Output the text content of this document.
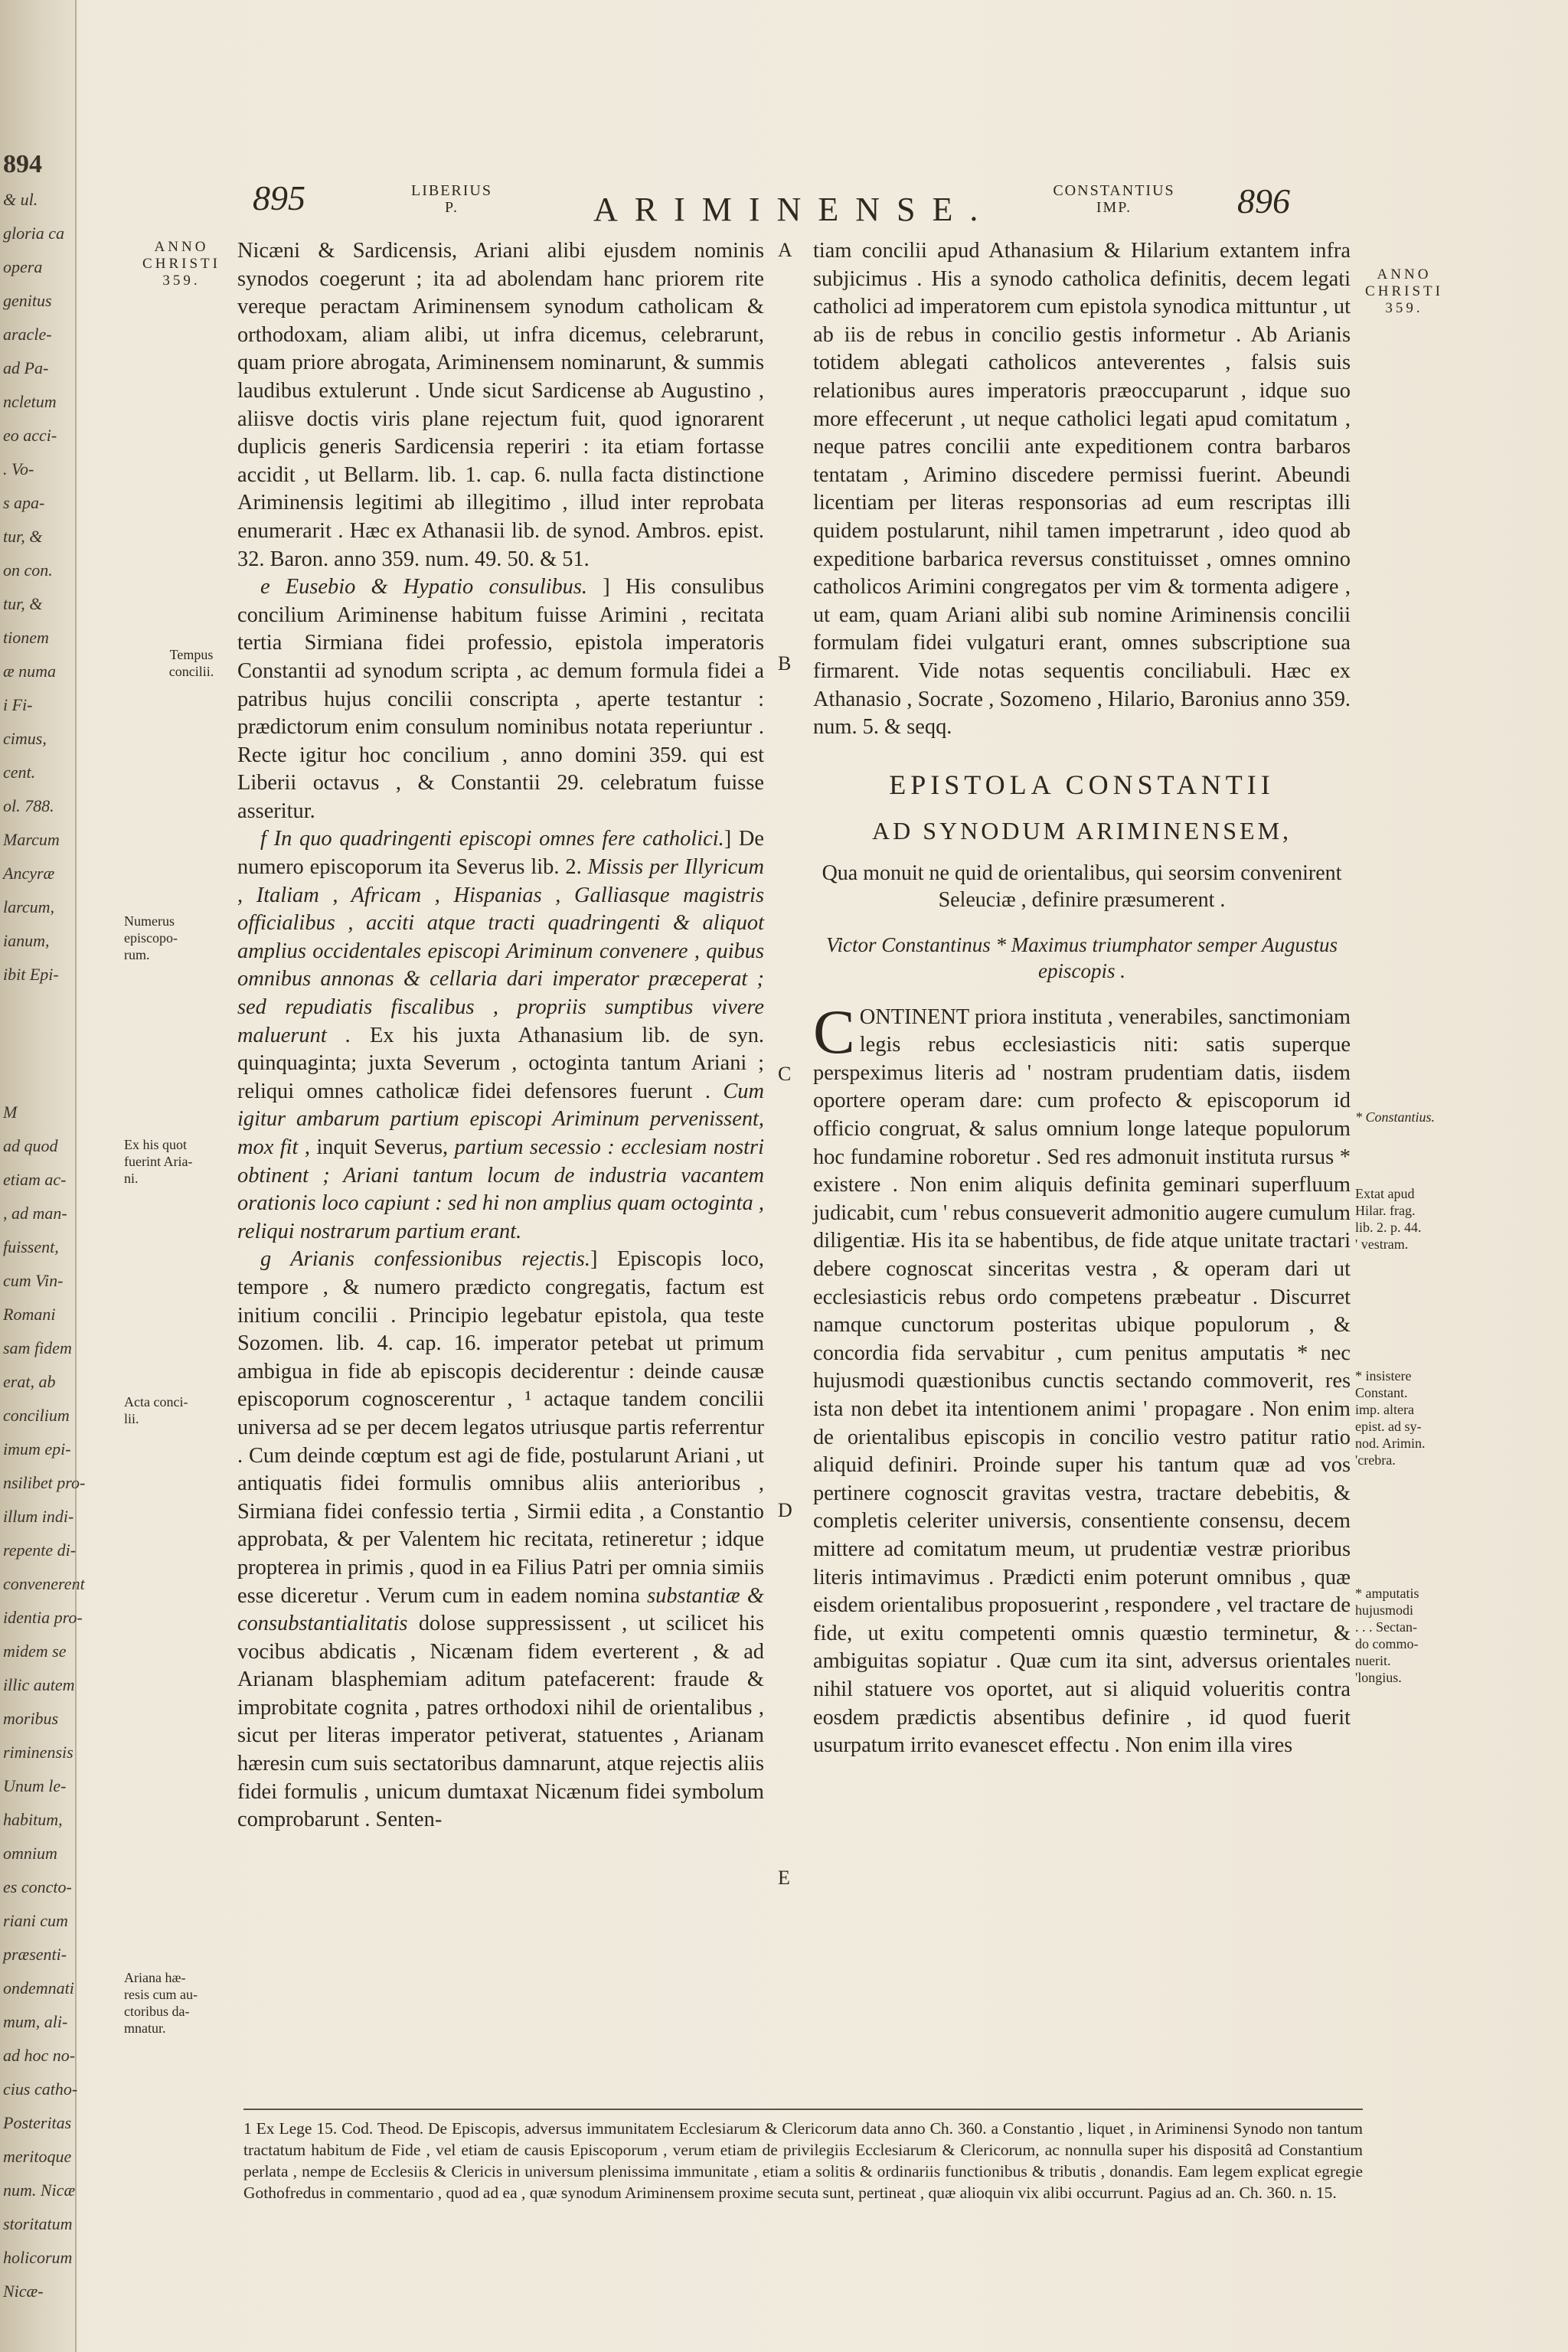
894
& ul.
gloria ca
opera
genitus
aracle-
ad Pa-
ncletum
eo acci-
. Vo-
s apa-
tur, &
on con.
tur, &
tionem
æ numa
i Fi-
cimus,
cent.
ol. 788.
Marcum
Ancyræ
larcum,
ianum,
ibit Epi-
M
ad quod
etiam ac-
, ad man-
fuissent,
cum Vin-
Romani
sam fidem
erat, ab
concilium
imum epi-
nsilibet pro-
illum indi-
repente di-
convenerent
identia pro-
midem se
illic autem
moribus
riminensis
Unum le-
habitum,
omnium
es concto-
riani cum
præsenti-
ondemnati
mum, ali-
ad hoc no-
cius catho-
Posteritas
meritoque
num. Nicæ
storitatum
holicorum
Nicæ-
895	LIBERIUS
P.	ARIMINENSE.	CONSTANTIUS
IMP.	896
ANNO
CHRISTI
359.
Tempus
concilii.
Numerus
episcopo-
rum.
Ex his quot
fuerint Aria-
ni.
Acta conci-
lii.
Ariana hæ-
resis cum au-
ctoribus da-
mnatur.

Nicæni & Sardicensis, Ariani alibi ejusdem nominis synodos coegerunt ; ita ad abolendam hanc priorem rite vereque peractam Ariminensem synodum catholicam & orthodoxam, aliam alibi, ut infra dicemus, celebrarunt, quam priore abrogata, Ariminensem nominarunt, & summis laudibus extulerunt . Unde sicut Sardicense ab Augustino , aliisve doctis viris plane rejectum fuit, quod ignorarent duplicis generis Sardicensia reperiri : ita etiam fortasse accidit , ut Bellarm. lib. 1. cap. 6. nulla facta distinctione Ariminensis legitimi ab illegitimo , illud inter reprobata enumerarit . Hæc ex Athanasii lib. de synod. Ambros. epist. 32. Baron. anno 359. num. 49. 50. & 51.

e Eusebio & Hypatio consulibus. ] His consulibus concilium Ariminense habitum fuisse Arimini , recitata tertia Sirmiana fidei professio, epistola imperatoris Constantii ad synodum scripta , ac demum formula fidei a patribus hujus concilii conscripta , aperte testantur : prædictorum enim consulum nominibus notata reperiuntur . Recte igitur hoc concilium , anno domini 359. qui est Liberii octavus , & Constantii 29. celebratum fuisse asseritur.

f In quo quadringenti episcopi omnes fere catholici.] De numero episcoporum ita Severus lib. 2. Missis per Illyricum , Italiam , Africam , Hispanias , Galliasque magistris officialibus , acciti atque tracti quadringenti & aliquot amplius occidentales episcopi Ariminum convenere , quibus omnibus annonas & cellaria dari imperator præceperat ; sed repudiatis fiscalibus , propriis sumptibus vivere maluerunt . Ex his juxta Athanasium lib. de syn. quinquaginta; juxta Severum , octoginta tantum Ariani ; reliqui omnes catholicæ fidei defensores fuerunt . Cum igitur ambarum partium episcopi Ariminum pervenissent, mox fit , inquit Severus, partium secessio : ecclesiam nostri obtinent ; Ariani tantum locum de industria vacantem orationis loco capiunt : sed hi non amplius quam octoginta , reliqui nostrarum partium erant.

g Arianis confessionibus rejectis.] Episcopis loco, tempore , & numero prædicto congregatis, factum est initium concilii . Principio legebatur epistola, qua teste Sozomen. lib. 4. cap. 16. imperator petebat ut primum ambigua in fide ab episcopis deciderentur : deinde causæ episcoporum cognoscerentur , ¹ actaque tandem concilii universa ad se per decem legatos utriusque partis referrentur . Cum deinde cœptum est agi de fide, postularunt Ariani , ut antiquatis fidei formulis omnibus aliis anterioribus , Sirmiana fidei confessio tertia , Sirmii edita , a Constantio approbata, & per Valentem hic recitata, retineretur ; idque propterea in primis , quod in ea Filius Patri per omnia simiis esse diceretur . Verum cum in eadem nomina substantiæ & consubstantialitatis dolose suppressissent , ut scilicet his vocibus abdicatis , Nicænam fidem everterent , & ad Arianam blasphemiam aditum patefacerent: fraude & improbitate cognita , patres orthodoxi nihil de orientalibus , sicut per literas imperator petiverat, statuentes , Arianam hæresin cum suis sectatoribus damnarunt, atque rejectis aliis fidei formulis , unicum dumtaxat Nicænum fidei symbolum comprobarunt . Senten-

A
B
C
D
E

tiam concilii apud Athanasium & Hilarium extantem infra subjicimus . His a synodo catholica definitis, decem legati catholici ad imperatorem cum epistola synodica mittuntur , ut ab iis de rebus in concilio gestis informetur . Ab Arianis totidem ablegati catholicos anteverentes , falsis suis relationibus aures imperatoris præoccuparunt , idque suo more effecerunt , ut neque catholici legati apud comitatum , neque patres concilii ante expeditionem contra barbaros tentatam , Arimino discedere permissi fuerint. Abeundi licentiam per literas responsorias ad eum rescriptas illi quidem postularunt, nihil tamen impetrarunt , ideo quod ab expeditione barbarica reversus constituisset , omnes omnino catholicos Arimini congregatos per vim & tormenta adigere , ut eam, quam Ariani alibi sub nomine Ariminensis concilii formulam fidei vulgaturi erant, omnes subscriptione sua firmarent. Vide notas sequentis conciliabuli. Hæc ex Athanasio , Socrate , Sozomeno , Hilario, Baronius anno 359. num. 5. & seqq.

EPISTOLA CONSTANTII
AD SYNODUM ARIMINENSEM,
Qua monuit ne quid de orientalibus, qui seorsim convenirent Seleuciæ , definire præsumerent .
Victor Constantinus * Maximus triumphator semper Augustus episcopis .

CONTINENT priora instituta , venerabiles, sanctimoniam legis rebus ecclesiasticis niti: satis superque perspeximus literis ad ' nostram prudentiam datis, iisdem oportere operam dare: cum profecto & episcoporum id officio congruat, & salus omnium longe lateque populorum hoc fundamine roboretur . Sed res admonuit instituta rursus * existere . Non enim aliquis definita geminari superfluum judicabit, cum ' rebus consueverit admonitio augere cumulum diligentiæ. His ita se habentibus, de fide atque unitate tractari debere cognoscat sinceritas vestra , & operam dari ut ecclesiasticis rebus ordo competens præbeatur . Discurret namque cunctorum posteritas ubique populorum , & concordia fida servabitur , cum penitus amputatis * nec hujusmodi quæstionibus cunctis sectando commoverit, res ista non debet ita intentionem animi ' propagare . Non enim de orientalibus episcopis in concilio vestro patitur ratio aliquid definiri. Proinde super his tantum quæ ad vos pertinere cognoscit gravitas vestra, tractare debebitis, & completis celeriter universis, consentiente consensu, decem mittere ad comitatum meum, ut prudentiæ vestræ prioribus literis intimavimus . Prædicti enim poterunt omnibus , quæ eisdem orientalibus proposuerint , respondere , vel tractare de fide, ut exitu competenti omnis quæstio terminetur, & ambiguitas sopiatur . Quæ cum ita sint, adversus orientales nihil statuere vos oportet, aut si aliquid volueritis contra eosdem prædictis absentibus definire , id quod fuerit usurpatum irrito evanescet effectu . Non enim illa vires

ANNO
CHRISTI
359.
* Constantius.
Extat apud
Hilar. frag.
lib. 2. p. 44.
' vestram.
* insistere
Constant.
imp. altera
epist. ad sy-
nod. Arimin.
'crebra.
* amputatis
hujusmodi
. . . Sectan-
do commo-
nuerit.
'longius.
1 Ex Lege 15. Cod. Theod. De Episcopis, adversus immunitatem Ecclesiarum & Clericorum data anno Ch. 360. a Constantio , liquet , in Ariminensi Synodo non tantum tractatum habitum de Fide , vel etiam de causis Episcoporum , verum etiam de privilegiis Ecclesiarum & Clericorum, ac nonnulla super his dispositâ ad Constantium perlata , nempe de Ecclesiis & Clericis in universum plenissima immunitate , etiam a solitis & ordinariis functionibus & tributis , donandis. Eam legem explicat egregie Gothofredus in commentario , quod ad ea , quæ synodum Ariminensem proxime secuta sunt, pertineat , quæ alioquin vix alibi occurrunt. Pagius ad an. Ch. 360. n. 15.
